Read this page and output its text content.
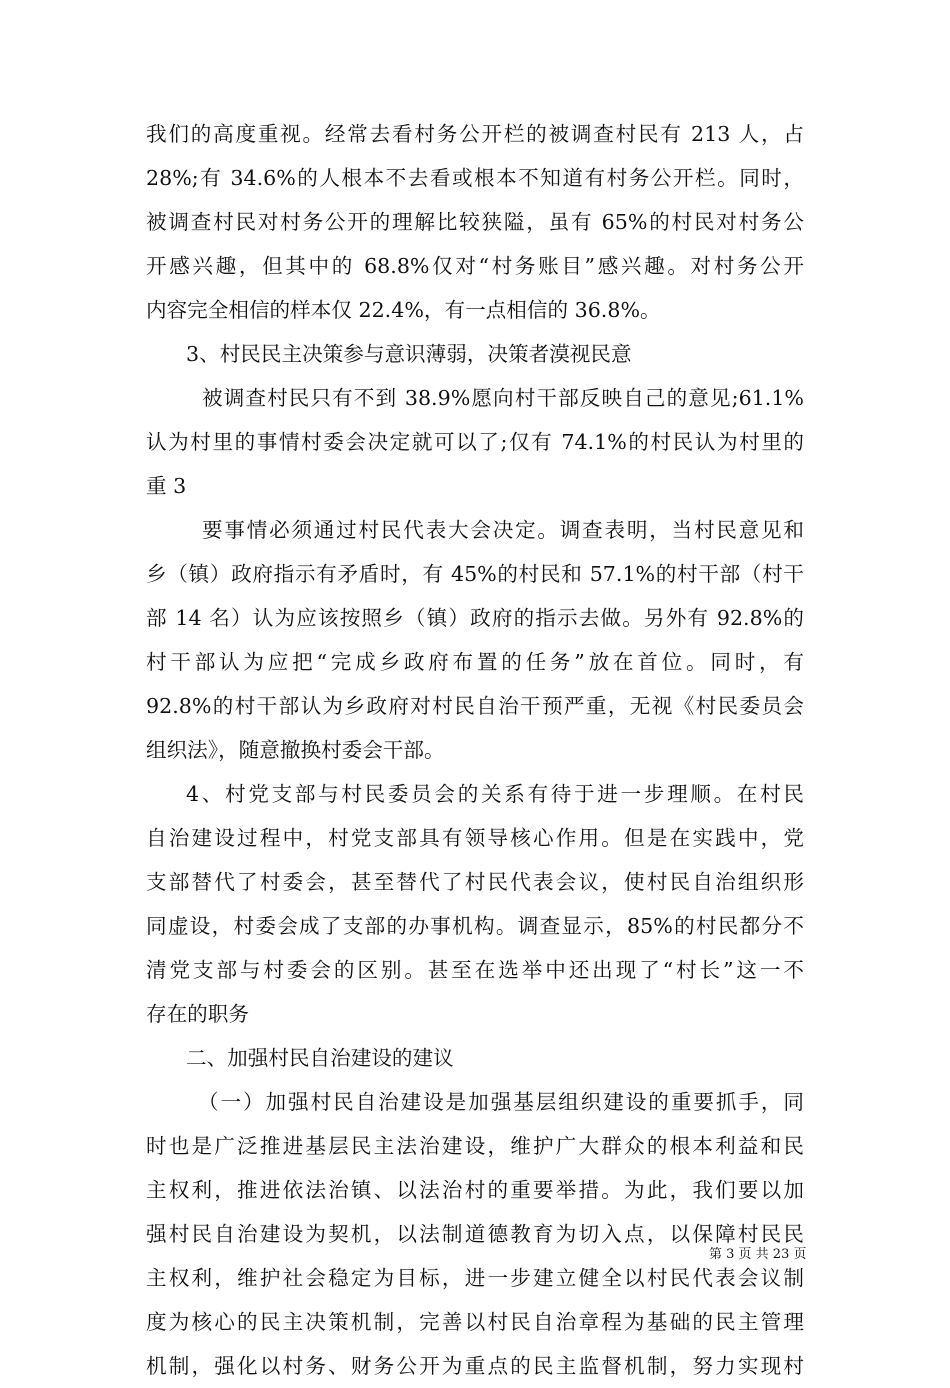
我们的高度重视。经常去看村务公开栏的被调查村民有 213 人，占
28%;有 34.6%的人根本不去看或根本不知道有村务公开栏。同时，
被调查村民对村务公开的理解比较狭隘，虽有 65%的村民对村务公
开感兴趣，但其中的 68.8%仅对“村务账目”感兴趣。对村务公开
内容完全相信的样本仅 22.4%，有一点相信的 36.8%。
3、村民民主决策参与意识薄弱，决策者漠视民意
被调查村民只有不到 38.9%愿向村干部反映自己的意见;61.1%
认为村里的事情村委会决定就可以了;仅有 74.1%的村民认为村里的
重 3
要事情必须通过村民代表大会决定。调查表明，当村民意见和
乡（镇）政府指示有矛盾时，有 45%的村民和 57.1%的村干部（村干
部 14 名）认为应该按照乡（镇）政府的指示去做。另外有 92.8%的
村干部认为应把“完成乡政府布置的任务”放在首位。同时，有
92.8%的村干部认为乡政府对村民自治干预严重，无视《村民委员会
组织法》，随意撤换村委会干部。
4、村党支部与村民委员会的关系有待于进一步理顺。在村民
自治建设过程中，村党支部具有领导核心作用。但是在实践中，党
支部替代了村委会，甚至替代了村民代表会议，使村民自治组织形
同虚设，村委会成了支部的办事机构。调查显示，85%的村民都分不
清党支部与村委会的区别。甚至在选举中还出现了“村长”这一不
存在的职务
二、加强村民自治建设的建议
（一）加强村民自治建设是加强基层组织建设的重要抓手，同
时也是广泛推进基层民主法治建设，维护广大群众的根本利益和民
主权利，推进依法治镇、以法治村的重要举措。为此，我们要以加
强村民自治建设为契机，以法制道德教育为切入点，以保障村民民
主权利，维护社会稳定为目标，进一步建立健全以村民代表会议制
度为核心的民主决策机制，完善以村民自治章程为基础的民主管理
机制，强化以村务、财务公开为重点的民主监督机制，努力实现村
第 3 页 共 23 页
